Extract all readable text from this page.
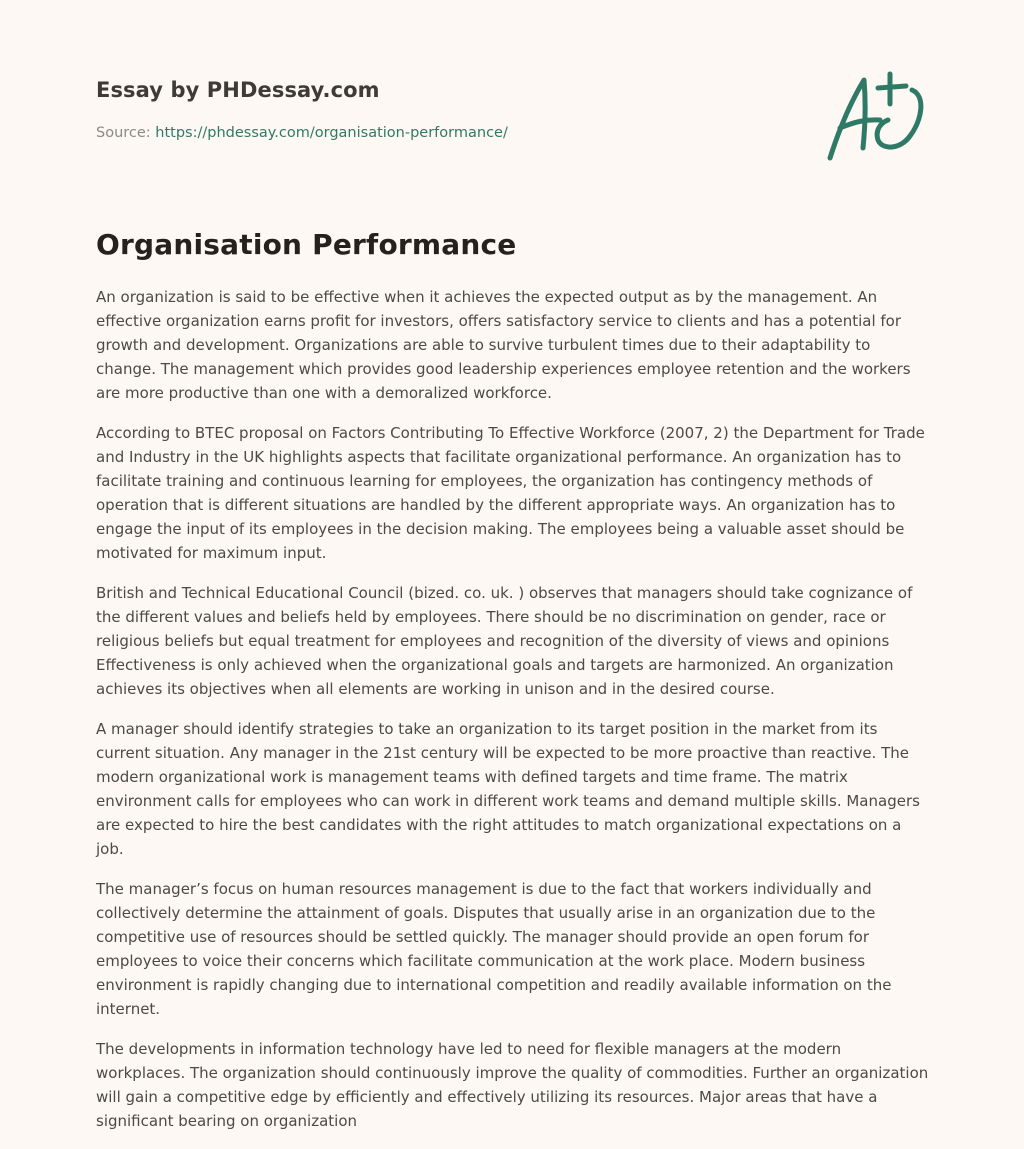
Essay by PHDessay.com
Source: https://phdessay.com/organisation-performance/
Organisation Performance

An organization is said to be effective when it achieves the expected output as by the management. An effective organization earns profit for investors, offers satisfactory service to clients and has a potential for growth and development. Organizations are able to survive turbulent times due to their adaptability to change. The management which provides good leadership experiences employee retention and the workers are more productive than one with a demoralized workforce.

According to BTEC proposal on Factors Contributing To Effective Workforce (2007, 2) the Department for Trade and Industry in the UK highlights aspects that facilitate organizational performance. An organization has to facilitate training and continuous learning for employees, the organization has contingency methods of operation that is different situations are handled by the different appropriate ways. An organization has to engage the input of its employees in the decision making. The employees being a valuable asset should be motivated for maximum input.

British and Technical Educational Council (bized. co. uk. ) observes that managers should take cognizance of the different values and beliefs held by employees. There should be no discrimination on gender, race or religious beliefs but equal treatment for employees and recognition of the diversity of views and opinions Effectiveness is only achieved when the organizational goals and targets are harmonized. An organization achieves its objectives when all elements are working in unison and in the desired course.

A manager should identify strategies to take an organization to its target position in the market from its current situation. Any manager in the 21st century will be expected to be more proactive than reactive. The modern organizational work is management teams with defined targets and time frame. The matrix environment calls for employees who can work in different work teams and demand multiple skills. Managers are expected to hire the best candidates with the right attitudes to match organizational expectations on a job.

The manager’s focus on human resources management is due to the fact that workers individually and collectively determine the attainment of goals. Disputes that usually arise in an organization due to the competitive use of resources should be settled quickly. The manager should provide an open forum for employees to voice their concerns which facilitate communication at the work place. Modern business environment is rapidly changing due to international competition and readily available information on the internet.

The developments in information technology have led to need for flexible managers at the modern workplaces. The organization should continuously improve the quality of commodities. Further an organization will gain a competitive edge by efficiently and effectively utilizing its resources. Major areas that have a significant bearing on organization
